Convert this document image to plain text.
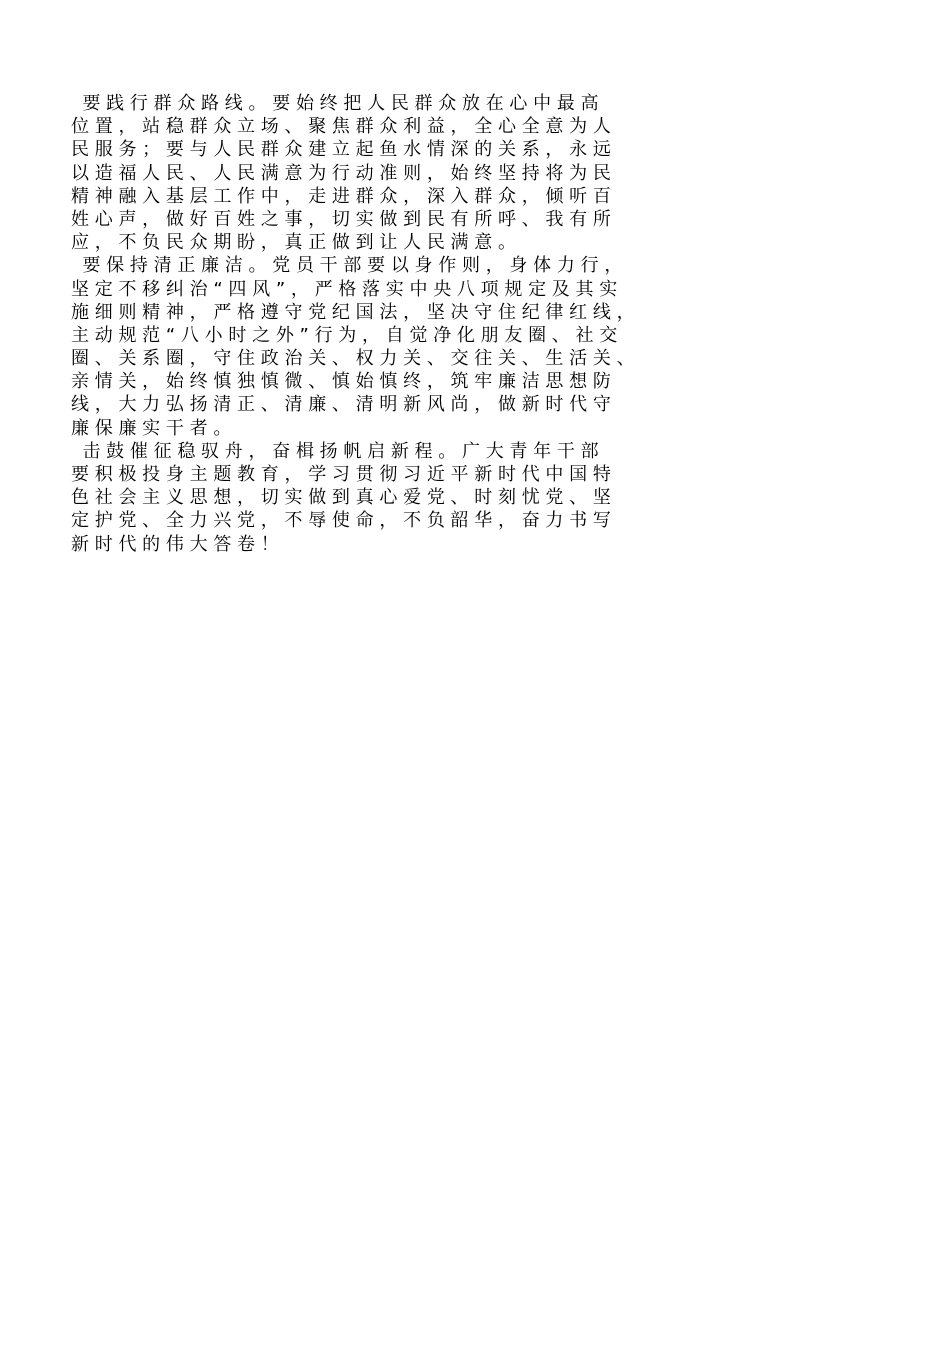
要 践 行 群 众 路 线 。 要 始 终 把 人 民 群 众 放 在 心 中 最 高
位 置 ， 站 稳 群 众 立 场 、 聚 焦 群 众 利 益 ， 全 心 全 意 为 人
民 服 务 ； 要 与 人 民 群 众 建 立 起 鱼 水 情 深 的 关 系 ， 永 远
以 造 福 人 民 、 人 民 满 意 为 行 动 准 则 ， 始 终 坚 持 将 为 民
精 神 融 入 基 层 工 作 中 ， 走 进 群 众 ， 深 入 群 众 ， 倾 听 百
姓 心 声 ， 做 好 百 姓 之 事 ， 切 实 做 到 民 有 所 呼 、 我 有 所
应 ， 不 负 民 众 期 盼 ， 真 正 做 到 让 人 民 满 意 。
要 保 持 清 正 廉 洁 。 党 员 干 部 要 以 身 作 则 ， 身 体 力 行 ，
坚 定 不 移 纠 治 “ 四 风 ” ， 严 格 落 实 中 央 八 项 规 定 及 其 实
施 细 则 精 神 ， 严 格 遵 守 党 纪 国 法 ， 坚 决 守 住 纪 律 红 线 ，
主 动 规 范 “ 八 小 时 之 外 ” 行 为 ， 自 觉 净 化 朋 友 圈 、 社 交
圈 、 关 系 圈 ， 守 住 政 治 关 、 权 力 关 、 交 往 关 、 生 活 关 、
亲 情 关 ， 始 终 慎 独 慎 微 、 慎 始 慎 终 ， 筑 牢 廉 洁 思 想 防
线 ， 大 力 弘 扬 清 正 、 清 廉 、 清 明 新 风 尚 ， 做 新 时 代 守
廉 保 廉 实 干 者 。
击 鼓 催 征 稳 驭 舟 ， 奋 楫 扬 帆 启 新 程 。 广 大 青 年 干 部
要 积 极 投 身 主 题 教 育 ， 学 习 贯 彻 习 近 平 新 时 代 中 国 特
色 社 会 主 义 思 想 ， 切 实 做 到 真 心 爱 党 、 时 刻 忧 党 、 坚
定 护 党 、 全 力 兴 党 ， 不 辱 使 命 ， 不 负 韶 华 ， 奋 力 书 写
新 时 代 的 伟 大 答 卷 ！
